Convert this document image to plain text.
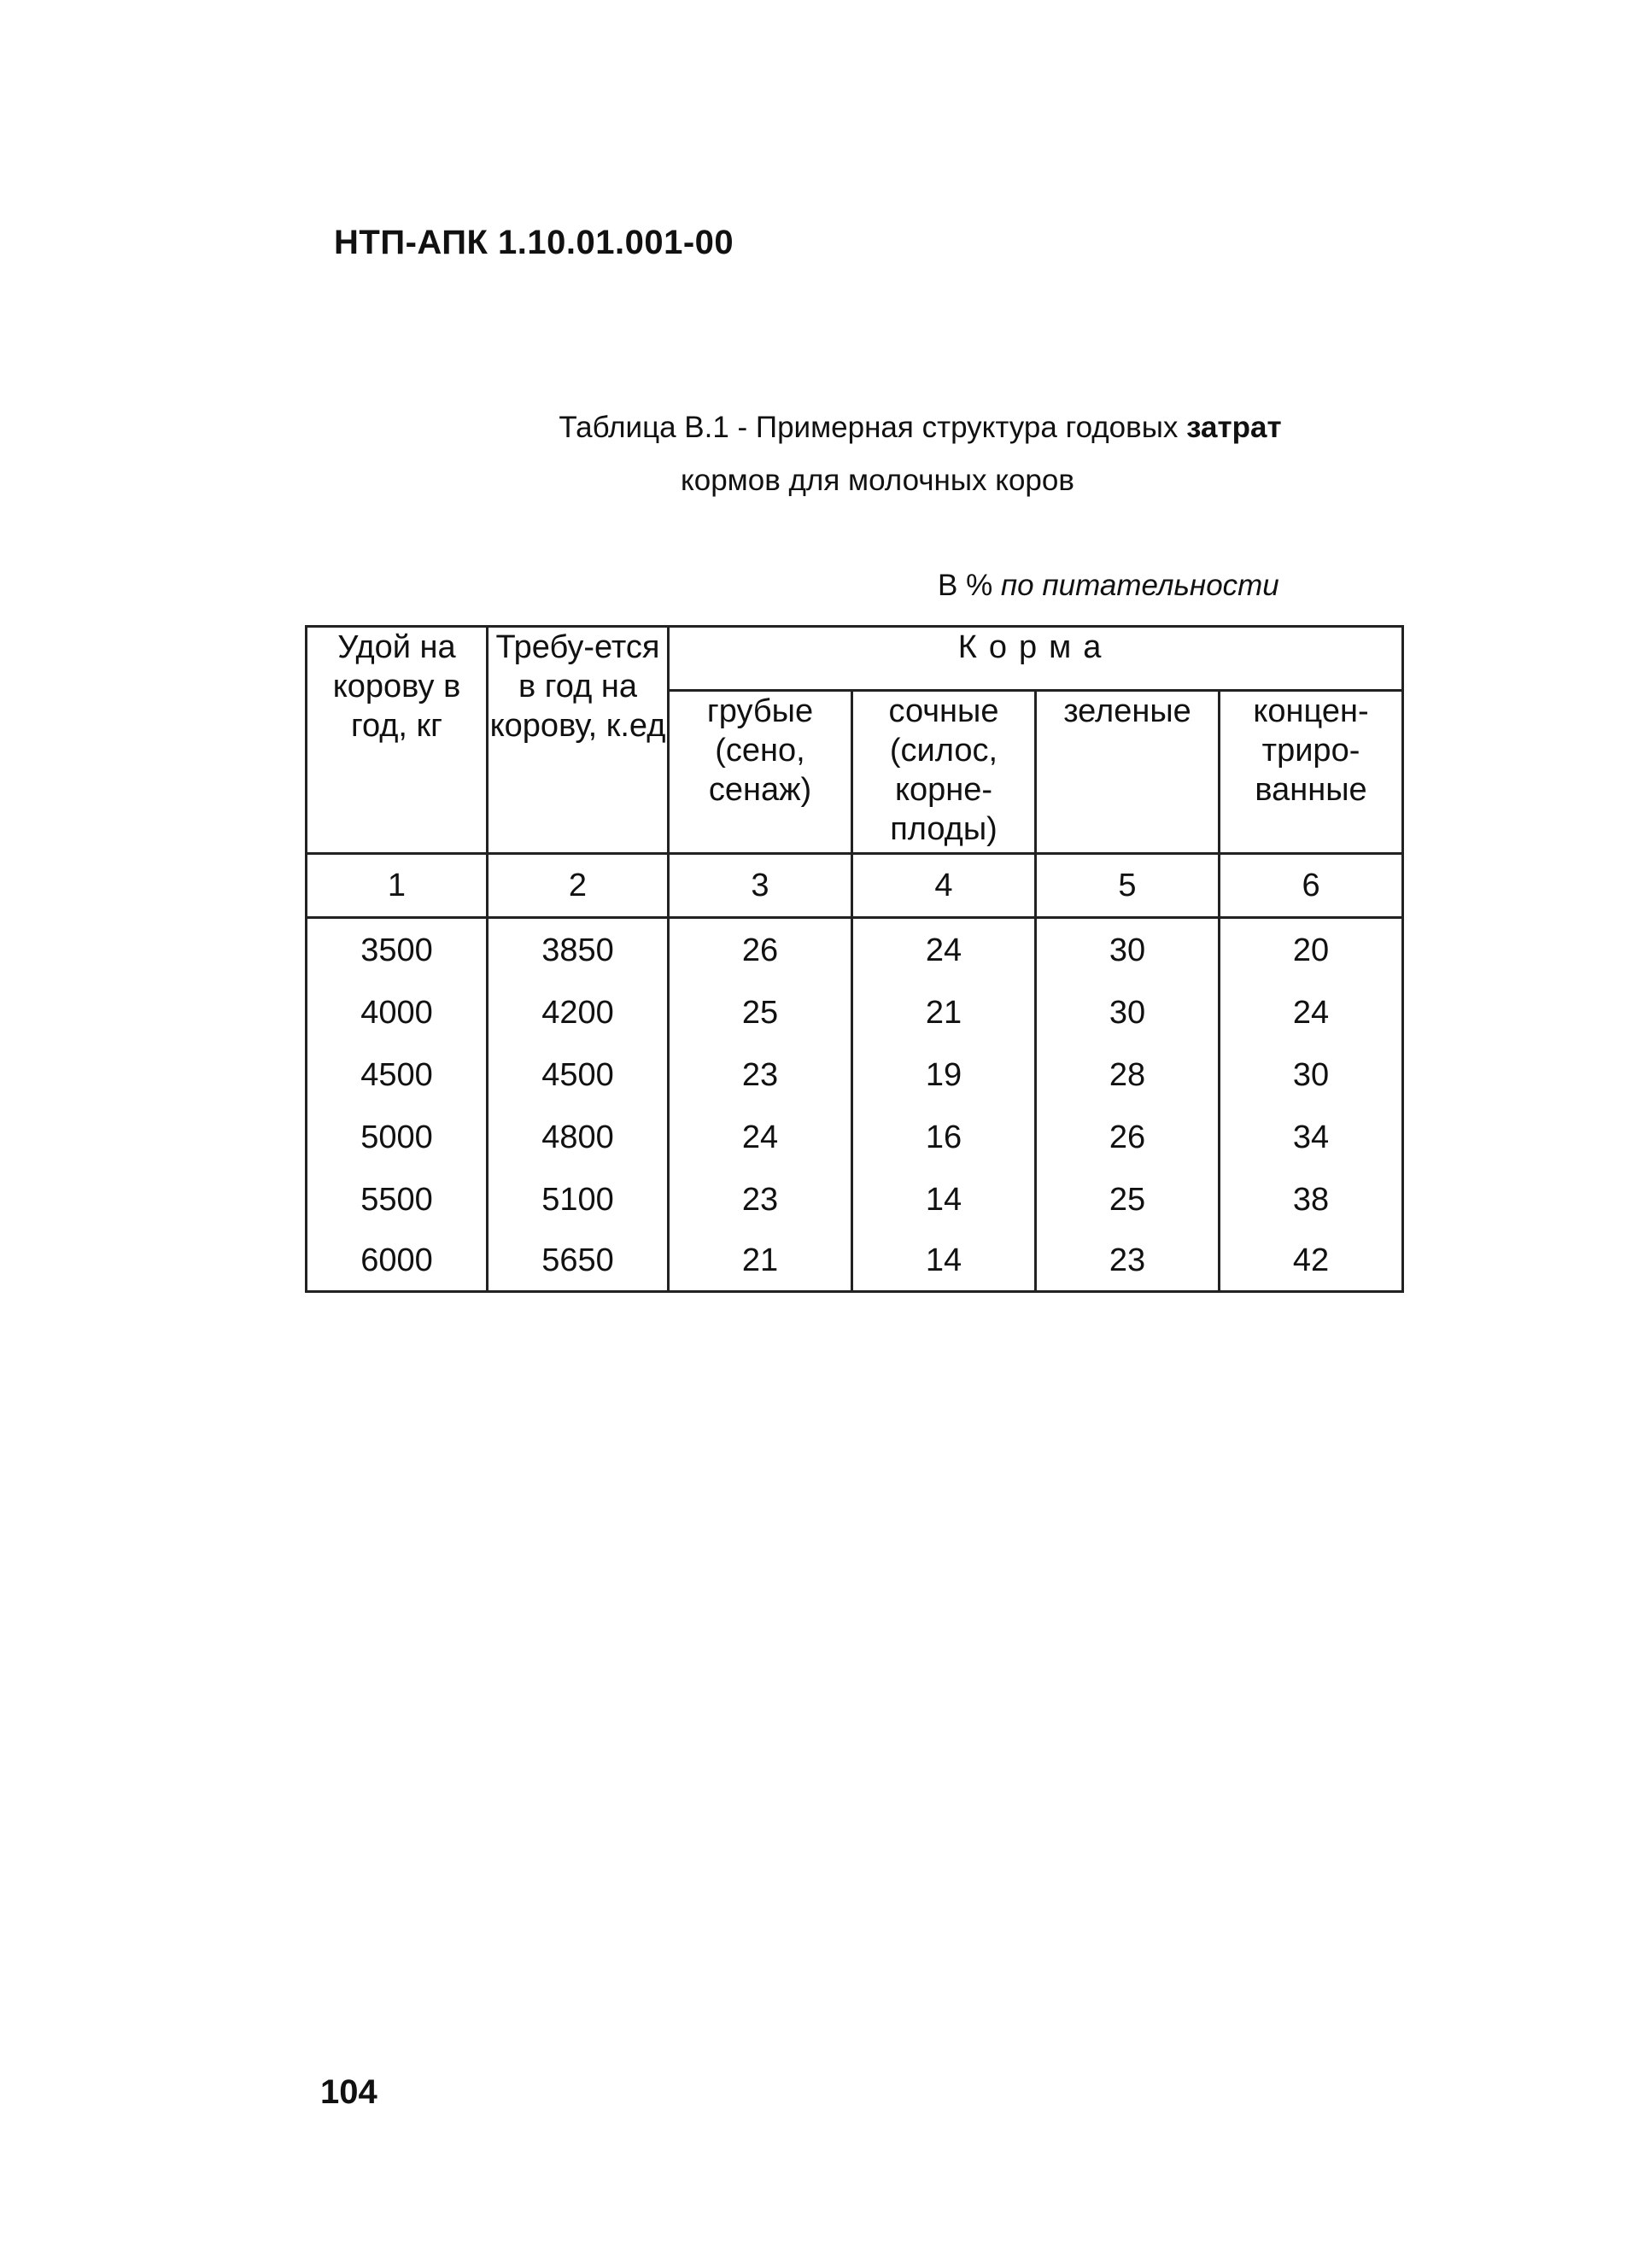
НТП-АПК 1.10.01.001-00
Таблица В.1 - Примерная структура годовых затрат
кормов для молочных коров
В % по питательности
Удой на корову в год, кг	Требу-ется в год на корову, к.ед	Корма			
		грубые (сено, сенаж)	сочные (силос, корне-плоды)	зеленые	концен-триро-ванные
1	2	3	4	5	6
3500	3850	26	24	30	20
4000	4200	25	21	30	24
4500	4500	23	19	28	30
5000	4800	24	16	26	34
5500	5100	23	14	25	38
6000	5650	21	14	23	42
104
